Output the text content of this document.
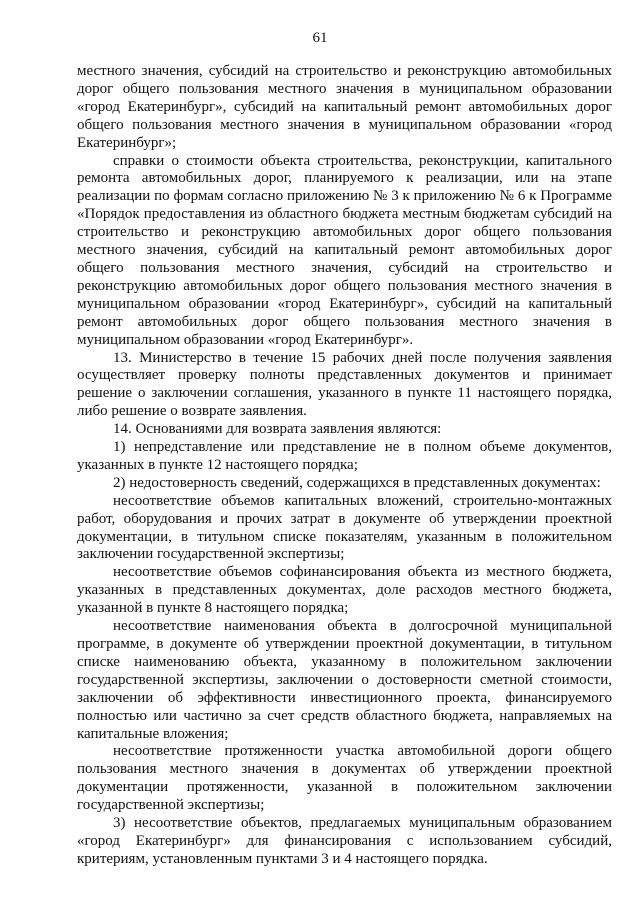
61

местного значения, субсидий на строительство и реконструкцию автомобильных дорог общего пользования местного значения в муниципальном образовании «город Екатеринбург», субсидий на капитальный ремонт автомобильных дорог общего пользования местного значения в муниципальном образовании «город Екатеринбург»;

справки о стоимости объекта строительства, реконструкции, капитального ремонта автомобильных дорог, планируемого к реализации, или на этапе реализации по формам согласно приложению № 3 к приложению № 6 к Программе «Порядок предоставления из областного бюджета местным бюджетам субсидий на строительство и реконструкцию автомобильных дорог общего пользования местного значения, субсидий на капитальный ремонт автомобильных дорог общего пользования местного значения, субсидий на строительство и реконструкцию автомобильных дорог общего пользования местного значения в муниципальном образовании «город Екатеринбург», субсидий на капитальный ремонт автомобильных дорог общего пользования местного значения в муниципальном образовании «город Екатеринбург».

13. Министерство в течение 15 рабочих дней после получения заявления осуществляет проверку полноты представленных документов и принимает решение о заключении соглашения, указанного в пункте 11 настоящего порядка, либо решение о возврате заявления.

14. Основаниями для возврата заявления являются:

1) непредставление или представление не в полном объеме документов, указанных в пункте 12 настоящего порядка;

2) недостоверность сведений, содержащихся в представленных документах:

несоответствие объемов капитальных вложений, строительно-монтажных работ, оборудования и прочих затрат в документе об утверждении проектной документации, в титульном списке показателям, указанным в положительном заключении государственной экспертизы;

несоответствие объемов софинансирования объекта из местного бюджета, указанных в представленных документах, доле расходов местного бюджета, указанной в пункте 8 настоящего порядка;

несоответствие наименования объекта в долгосрочной муниципальной программе, в документе об утверждении проектной документации, в титульном списке наименованию объекта, указанному в положительном заключении государственной экспертизы, заключении о достоверности сметной стоимости, заключении об эффективности инвестиционного проекта, финансируемого полностью или частично за счет средств областного бюджета, направляемых на капитальные вложения;

несоответствие протяженности участка автомобильной дороги общего пользования местного значения в документах об утверждении проектной документации протяженности, указанной в положительном заключении государственной экспертизы;

3) несоответствие объектов, предлагаемых муниципальным образованием «город Екатеринбург» для финансирования с использованием субсидий, критериям, установленным пунктами 3 и 4 настоящего порядка.
